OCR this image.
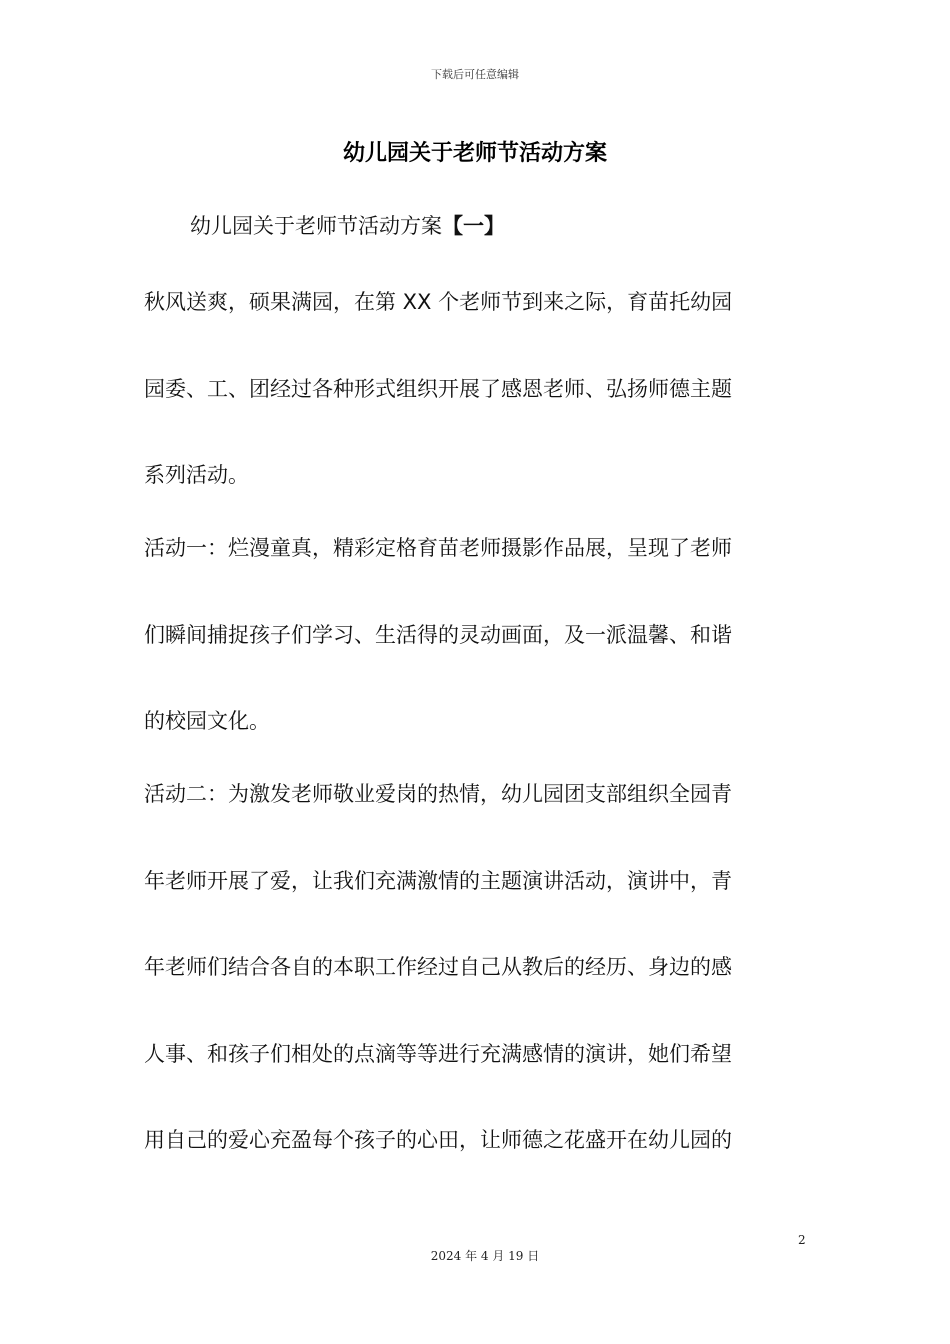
下载后可任意编辑
幼儿园关于老师节活动方案
幼儿园关于老师节活动方案【一】
秋风送爽，硕果满园，在第 XX 个老师节到来之际，育苗托幼园
园委、工、团经过各种形式组织开展了感恩老师、弘扬师德主题
系列活动。
活动一：烂漫童真，精彩定格育苗老师摄影作品展，呈现了老师
们瞬间捕捉孩子们学习、生活得的灵动画面，及一派温馨、和谐
的校园文化。
活动二：为激发老师敬业爱岗的热情，幼儿园团支部组织全园青
年老师开展了爱，让我们充满激情的主题演讲活动，演讲中，青
年老师们结合各自的本职工作经过自己从教后的经历、身边的感
人事、和孩子们相处的点滴等等进行充满感情的演讲，她们希望
用自己的爱心充盈每个孩子的心田，让师德之花盛开在幼儿园的
2
2024 年 4 月 19 日
